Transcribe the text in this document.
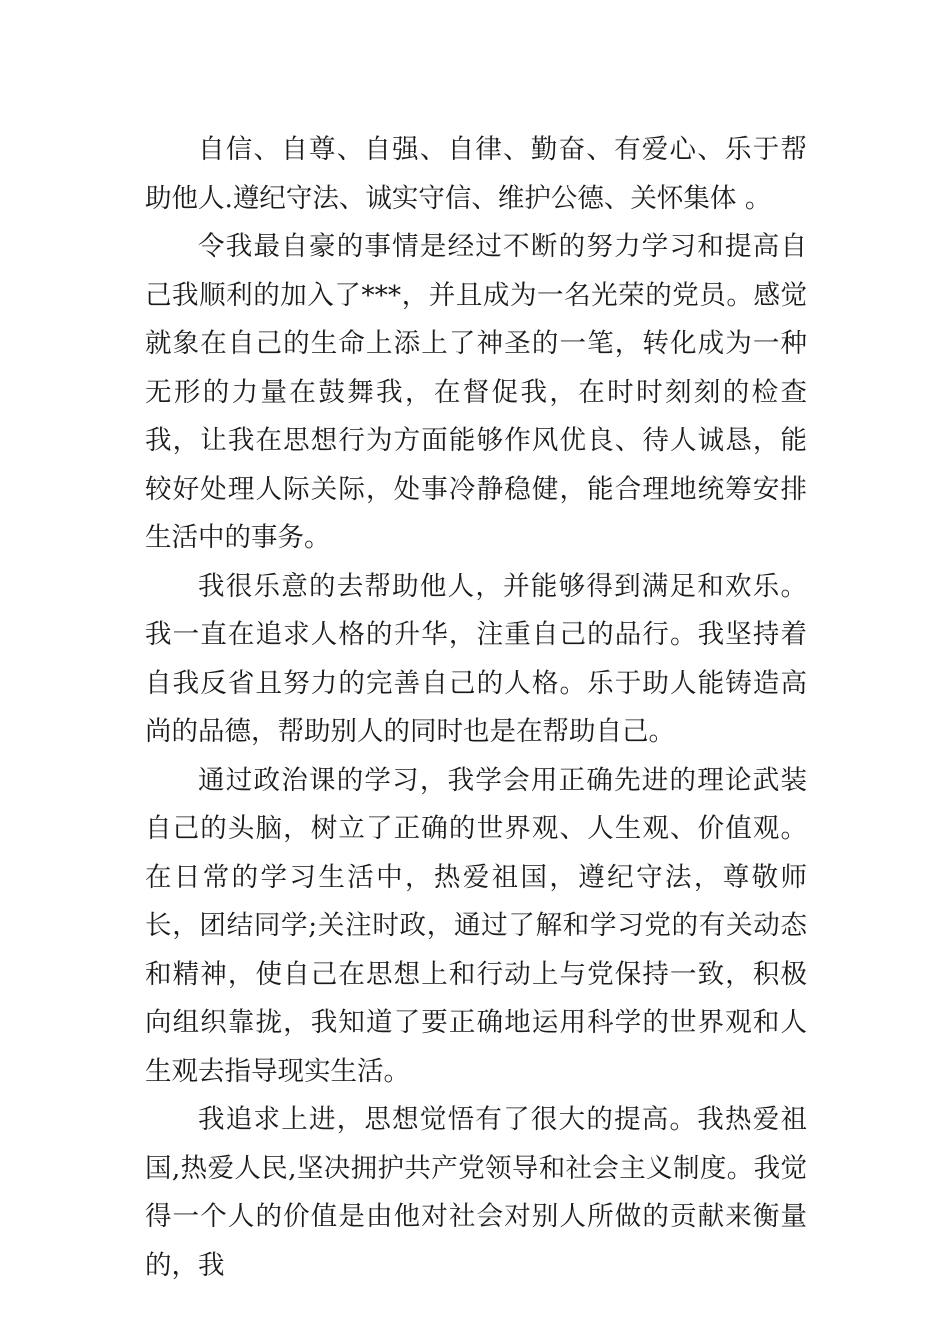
自信、自尊、自强、自律、勤奋、有爱心、乐于帮助他人.遵纪守法、诚实守信、维护公德、关怀集体 。

令我最自豪的事情是经过不断的努力学习和提高自己我顺利的加入了***，并且成为一名光荣的党员。感觉就象在自己的生命上添上了神圣的一笔，转化成为一种无形的力量在鼓舞我，在督促我，在时时刻刻的检查我，让我在思想行为方面能够作风优良、待人诚恳，能较好处理人际关际，处事冷静稳健，能合理地统筹安排生活中的事务。

我很乐意的去帮助他人，并能够得到满足和欢乐。我一直在追求人格的升华，注重自己的品行。我坚持着自我反省且努力的完善自己的人格。乐于助人能铸造高尚的品德，帮助别人的同时也是在帮助自己。

通过政治课的学习，我学会用正确先进的理论武装自己的头脑，树立了正确的世界观、人生观、价值观。在日常的学习生活中，热爱祖国，遵纪守法，尊敬师长，团结同学;关注时政，通过了解和学习党的有关动态和精神，使自己在思想上和行动上与党保持一致，积极向组织靠拢，我知道了要正确地运用科学的世界观和人生观去指导现实生活。

我追求上进，思想觉悟有了很大的提高。我热爱祖国,热爱人民,坚决拥护共产党领导和社会主义制度。我觉得一个人的价值是由他对社会对别人所做的贡献来衡量的，我
